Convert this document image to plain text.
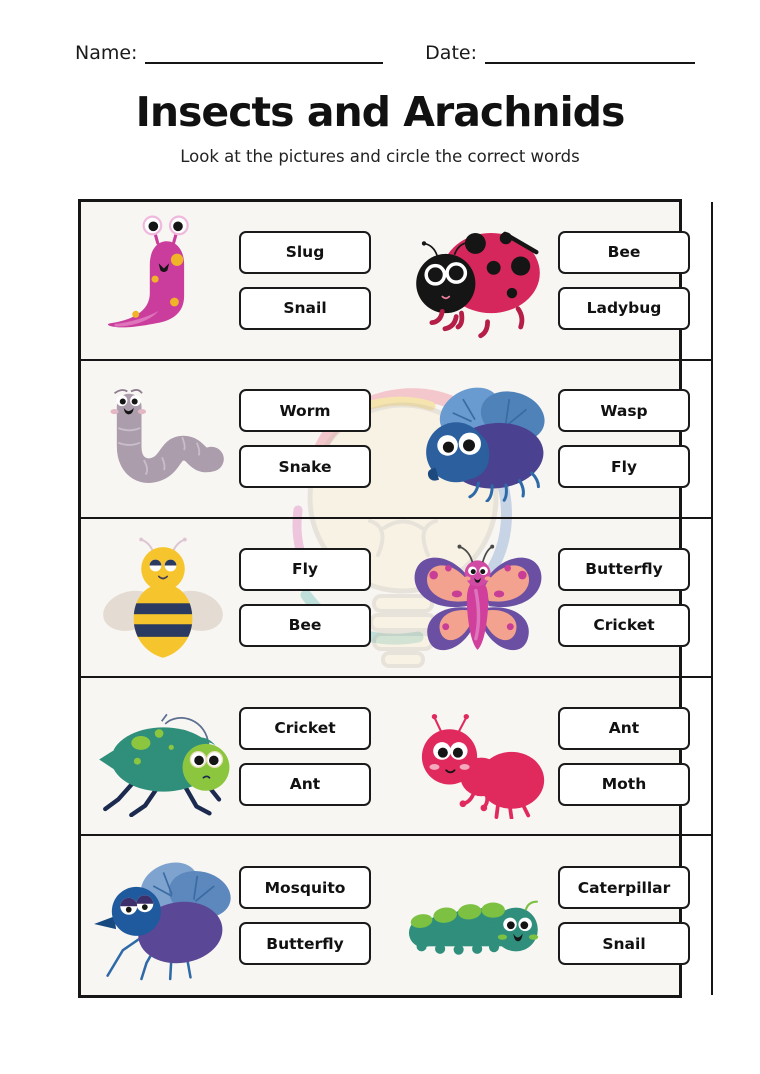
Name:	Date:
Insects and Arachnids
Look at the pictures and circle the correct words
Slug
Snail
Bee
Ladybug
Worm
Snake
Wasp
Fly
Fly
Bee
Butterfly
Cricket
Cricket
Ant
Ant
Moth
Mosquito
Butterfly
Caterpillar
Snail
